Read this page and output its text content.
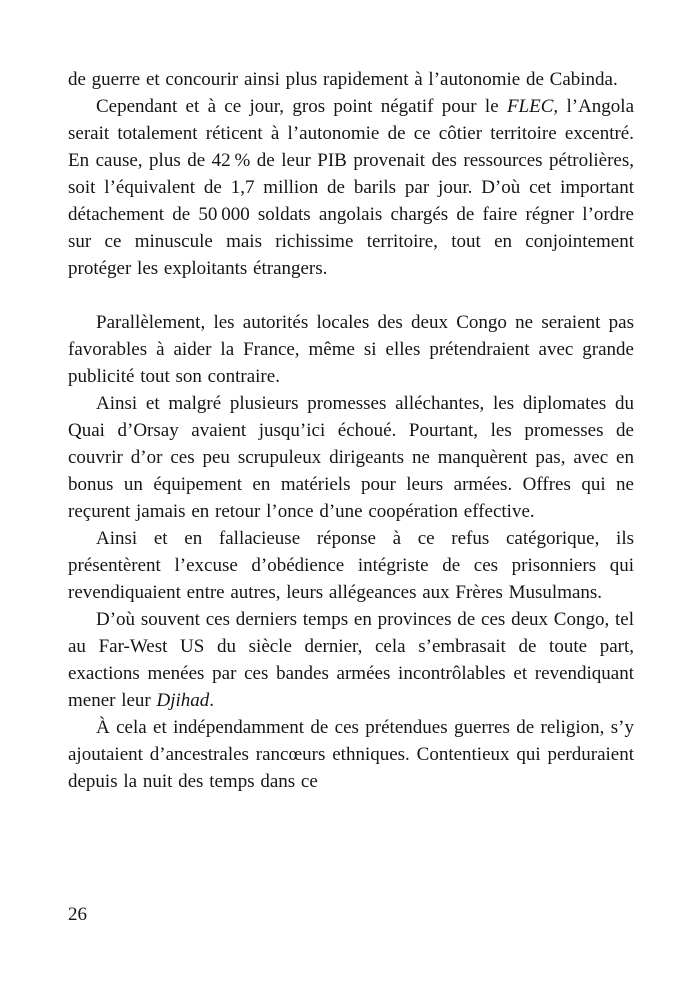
de guerre et concourir ainsi plus rapidement à l’autonomie de Cabinda.

Cependant et à ce jour, gros point négatif pour le FLEC, l’Angola serait totalement réticent à l’autonomie de ce côtier territoire excentré. En cause, plus de 42 % de leur PIB provenait des ressources pétrolières, soit l’équivalent de 1,7 million de barils par jour. D’où cet important détachement de 50 000 soldats angolais chargés de faire régner l’ordre sur ce minuscule mais richissime territoire, tout en conjointement protéger les exploitants étrangers.

Parallèlement, les autorités locales des deux Congo ne seraient pas favorables à aider la France, même si elles prétendraient avec grande publicité tout son contraire.

Ainsi et malgré plusieurs promesses alléchantes, les diplomates du Quai d’Orsay avaient jusqu’ici échoué. Pourtant, les promesses de couvrir d’or ces peu scrupuleux dirigeants ne manquèrent pas, avec en bonus un équipement en matériels pour leurs armées. Offres qui ne reçurent jamais en retour l’once d’une coopération effective.

Ainsi et en fallacieuse réponse à ce refus catégorique, ils présentèrent l’excuse d’obédience intégriste de ces prisonniers qui revendiquaient entre autres, leurs allégeances aux Frères Musulmans.

D’où souvent ces derniers temps en provinces de ces deux Congo, tel au Far-West US du siècle dernier, cela s’embrasait de toute part, exactions menées par ces bandes armées incontrôlables et revendiquant mener leur Djihad.

À cela et indépendamment de ces prétendues guerres de religion, s’y ajoutaient d’ancestrales rancœurs ethniques. Contentieux qui perduraient depuis la nuit des temps dans ce

26
